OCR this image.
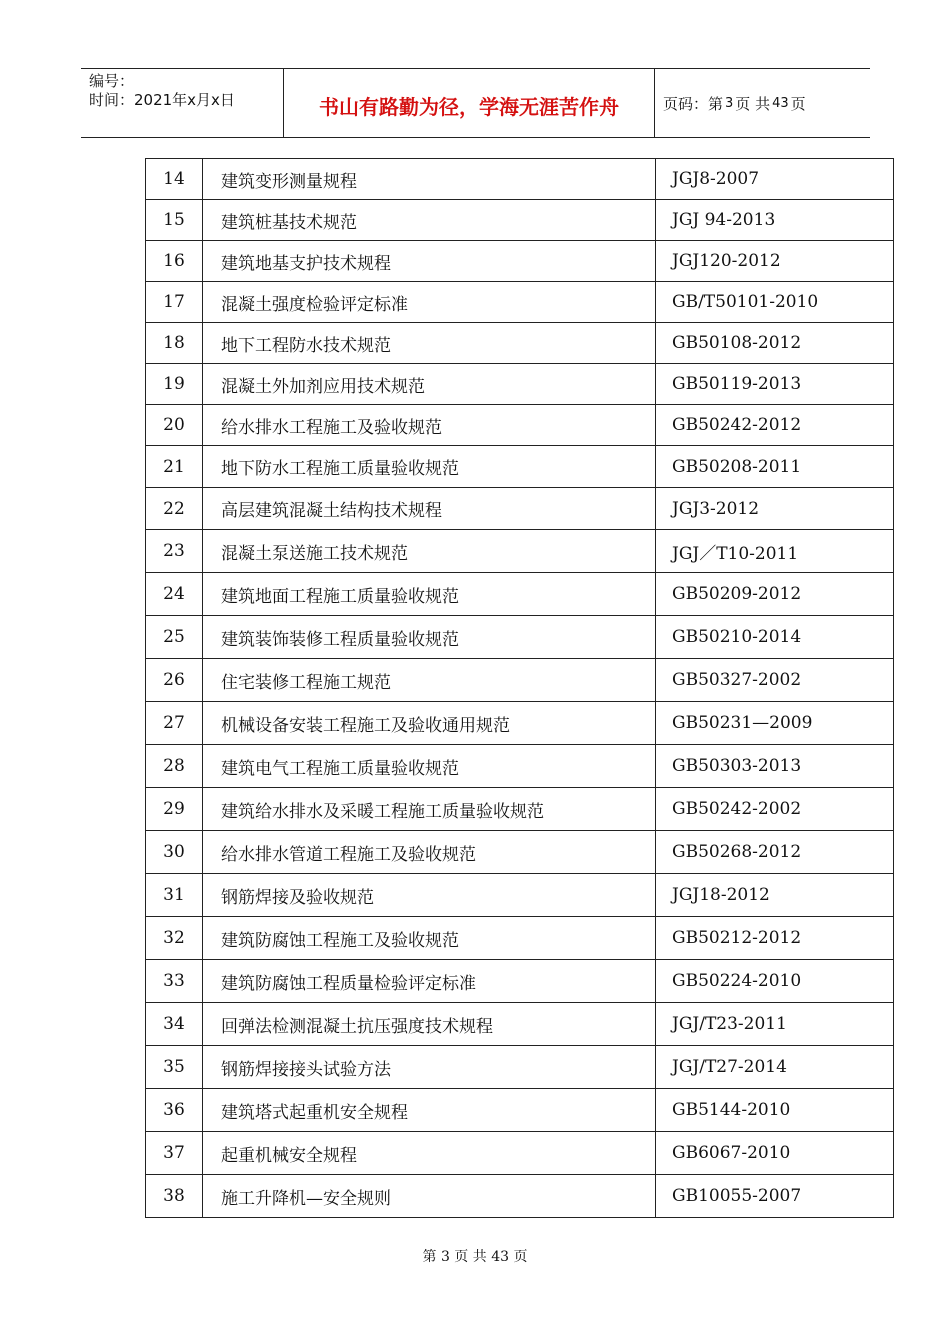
编号：
时间：2021年x月x日	书山有路勤为径，学海无涯苦作舟	页码：第 3 页 共 43 页
14	建筑变形测量规程	JGJ8-2007
15	建筑桩基技术规范	JGJ 94-2013
16	建筑地基支护技术规程	JGJ120-2012
17	混凝土强度检验评定标准	GB/T50101-2010
18	地下工程防水技术规范	GB50108-2012
19	混凝土外加剂应用技术规范	GB50119-2013
20	给水排水工程施工及验收规范	GB50242-2012
21	地下防水工程施工质量验收规范	GB50208-2011
22	高层建筑混凝土结构技术规程	JGJ3-2012
23	混凝土泵送施工技术规范	JGJ／T10-2011
24	建筑地面工程施工质量验收规范	GB50209-2012
25	建筑装饰装修工程质量验收规范	GB50210-2014
26	住宅装修工程施工规范	GB50327-2002
27	机械设备安装工程施工及验收通用规范	GB50231—2009
28	建筑电气工程施工质量验收规范	GB50303-2013
29	建筑给水排水及采暖工程施工质量验收规范	GB50242-2002
30	给水排水管道工程施工及验收规范	GB50268-2012
31	钢筋焊接及验收规范	JGJ18-2012
32	建筑防腐蚀工程施工及验收规范	GB50212-2012
33	建筑防腐蚀工程质量检验评定标准	GB50224-2010
34	回弹法检测混凝土抗压强度技术规程	JGJ/T23-2011
35	钢筋焊接接头试验方法	JGJ/T27-2014
36	建筑塔式起重机安全规程	GB5144-2010
37	起重机械安全规程	GB6067-2010
38	施工升降机—安全规则	GB10055-2007
第 3 页 共 43 页
